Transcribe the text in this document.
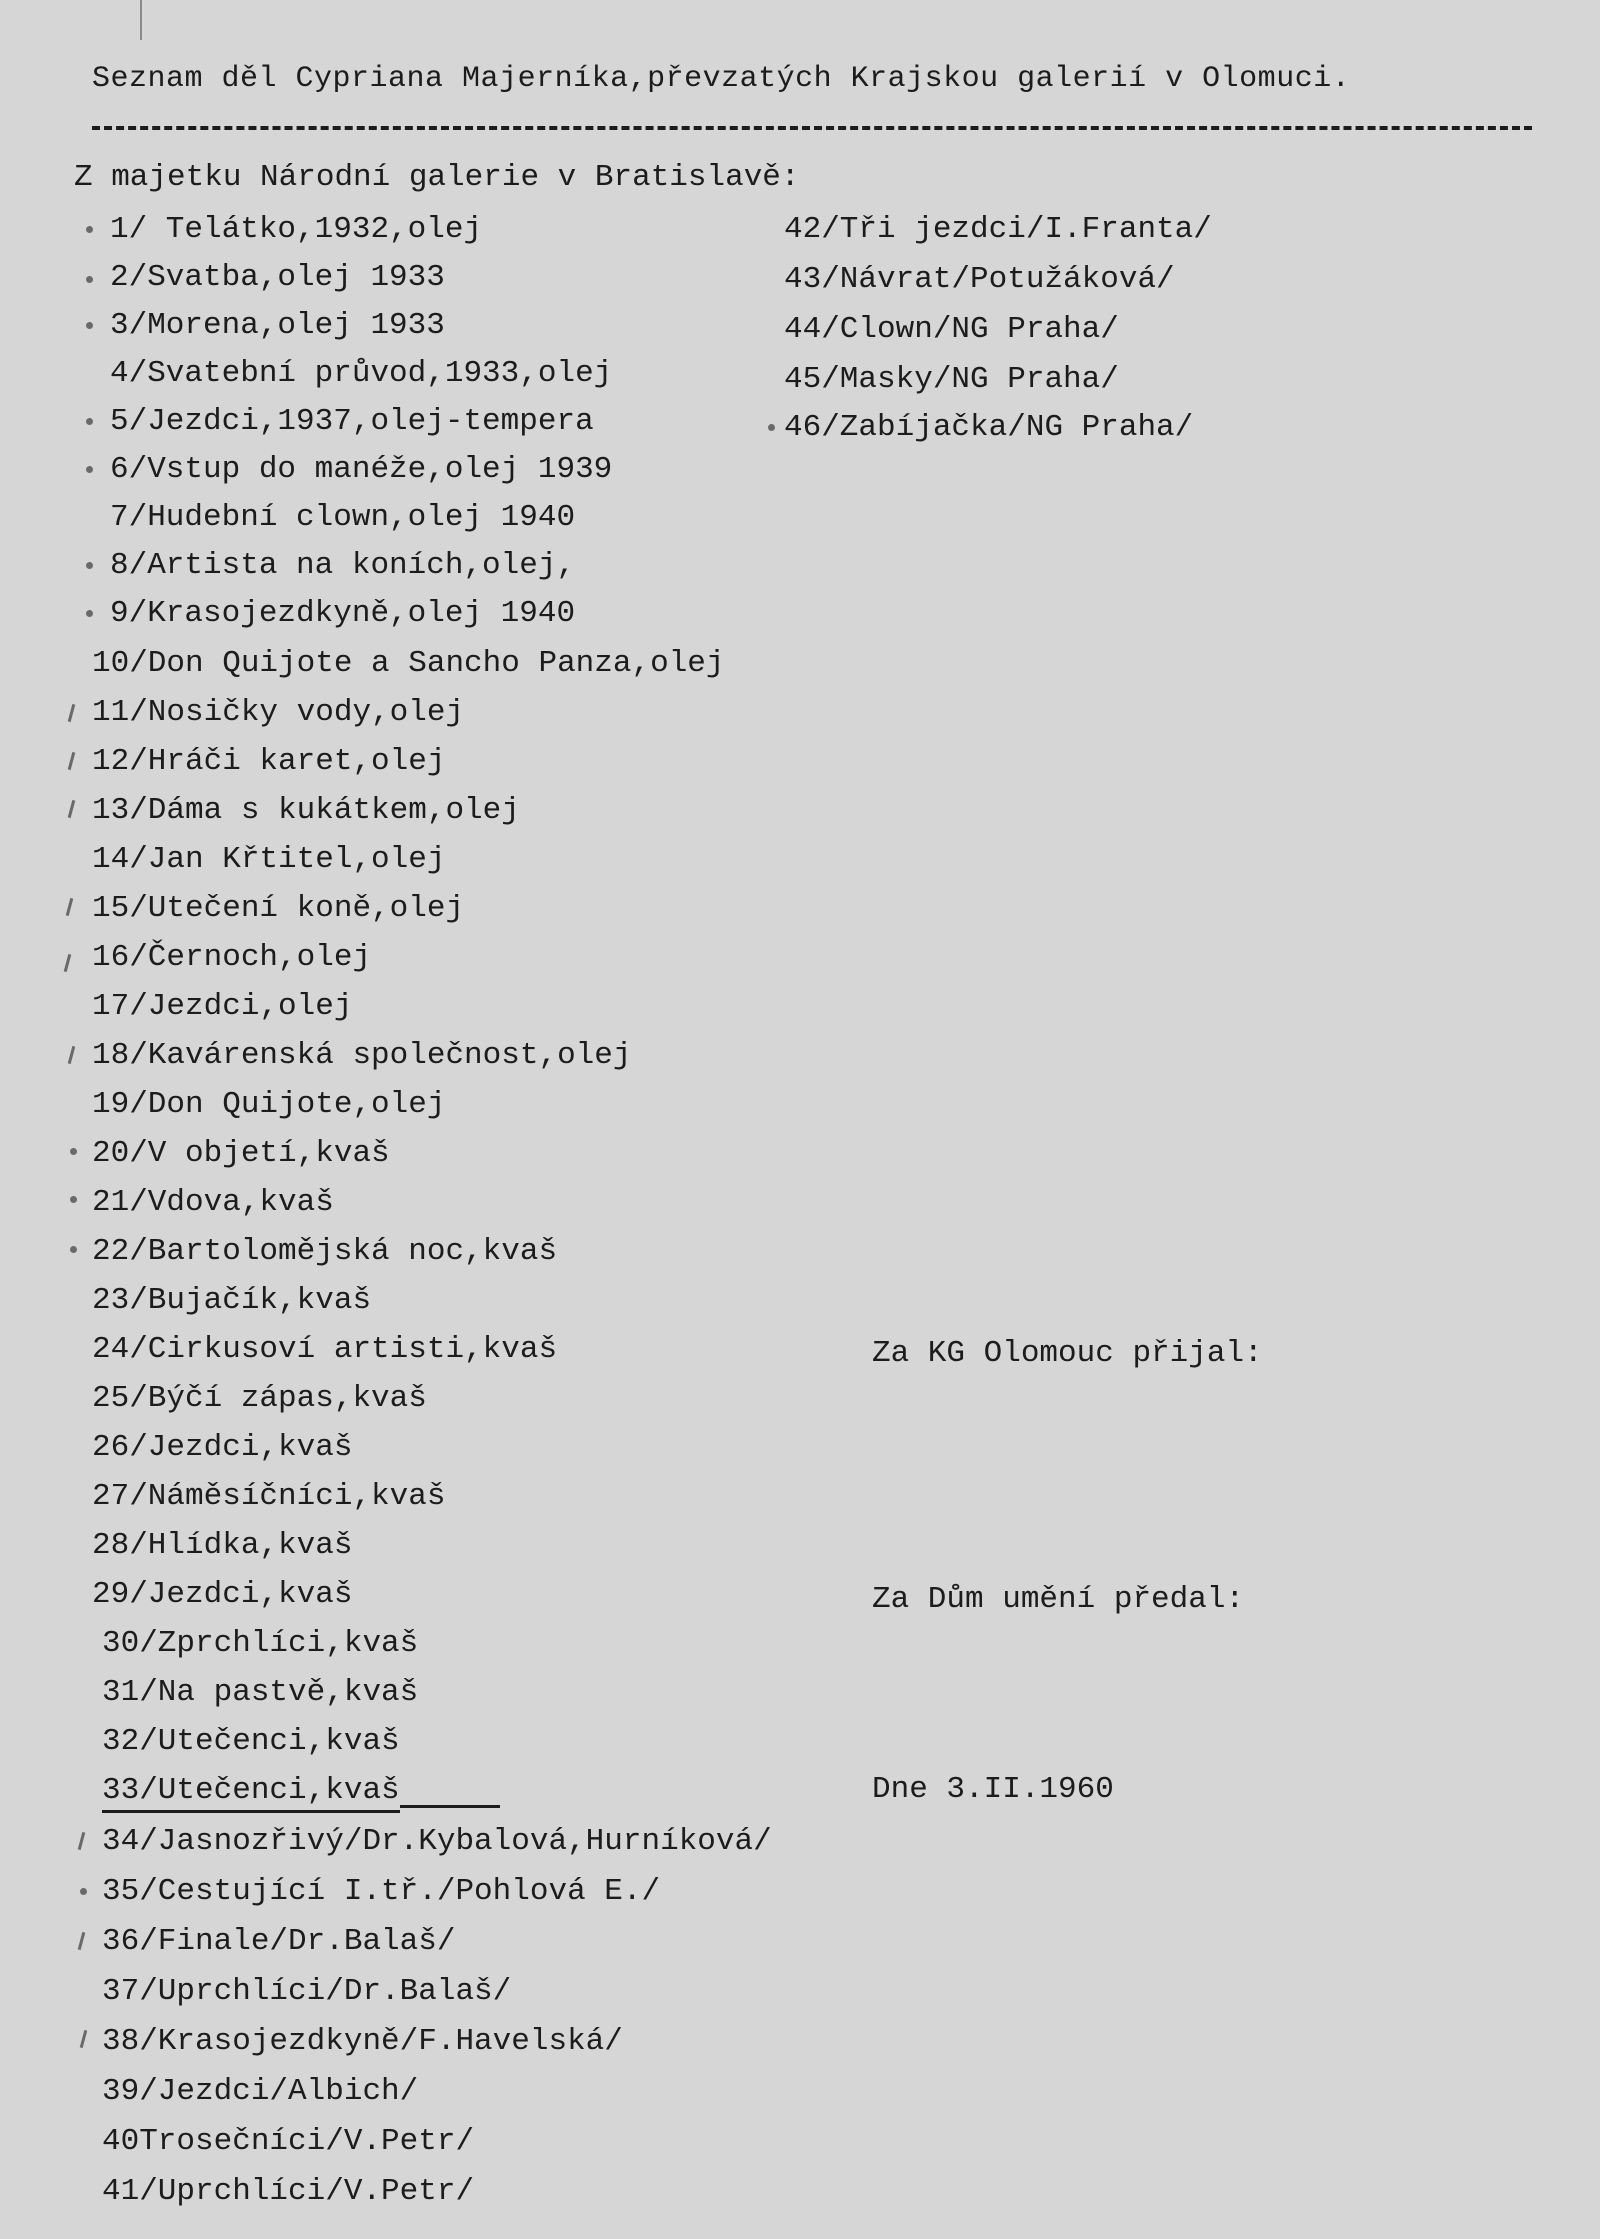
Seznam děl Cypriana Majerníka,převzatých Krajskou galerií v Olomuci.
Z majetku Národní galerie v Bratislavě:
1/ Telátko,1932,olej
2/Svatba,olej 1933
3/Morena,olej 1933
4/Svatební průvod,1933,olej
5/Jezdci,1937,olej-tempera
6/Vstup do manéže,olej 1939
7/Hudební clown,olej 1940
8/Artista na koních,olej,
9/Krasojezdkyně,olej 1940
10/Don Quijote a Sancho Panza,olej
11/Nosičky vody,olej
12/Hráči karet,olej
13/Dáma s kukátkem,olej
14/Jan Křtitel,olej
15/Utečení koně,olej
16/Černoch,olej
17/Jezdci,olej
18/Kavárenská společnost,olej
19/Don Quijote,olej
20/V objetí,kvaš
21/Vdova,kvaš
22/Bartolomějská noc,kvaš
23/Bujačík,kvaš
24/Cirkusoví artisti,kvaš
25/Býčí zápas,kvaš
26/Jezdci,kvaš
27/Náměsíčníci,kvaš
28/Hlídka,kvaš
29/Jezdci,kvaš
30/Zprchlíci,kvaš
31/Na pastvě,kvaš
32/Utečenci,kvaš
33/Utečenci,kvaš
34/Jasnozřivý/Dr.Kybalová,Hurníková/
35/Cestující I.tř./Pohlová E./
36/Finale/Dr.Balaš/
37/Uprchlíci/Dr.Balaš/
38/Krasojezdkyně/F.Havelská/
39/Jezdci/Albich/
40Trosečníci/V.Petr/
41/Uprchlíci/V.Petr/
42/Tři jezdci/I.Franta/
43/Návrat/Potužáková/
44/Clown/NG Praha/
45/Masky/NG Praha/
46/Zabíjačka/NG Praha/
Za KG Olomouc přijal:
Za Dům umění předal:
Dne 3.II.1960
